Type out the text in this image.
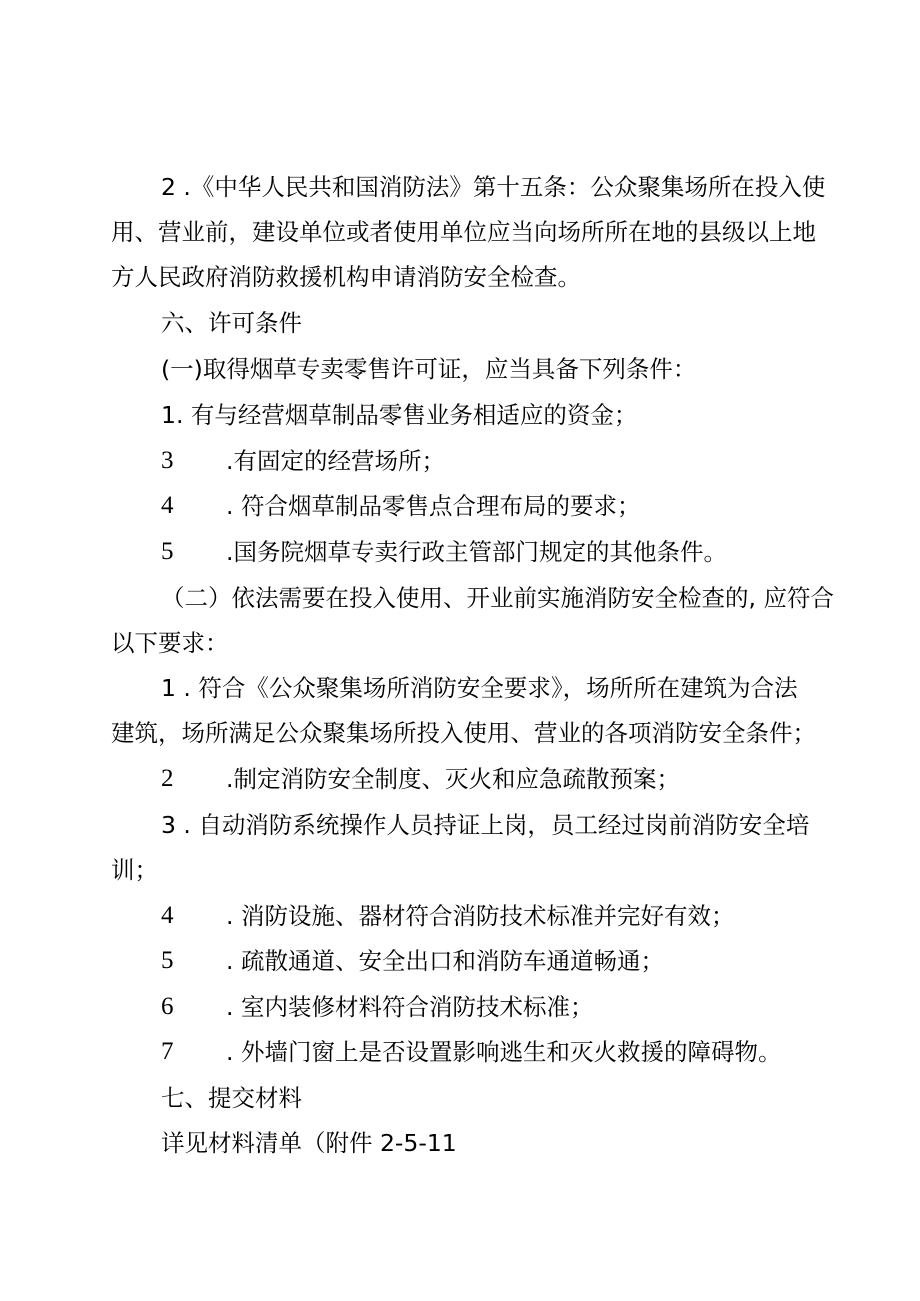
2 .《中华人民共和国消防法》第十五条：公众聚集场所在投入使

用、营业前，建设单位或者使用单位应当向场所所在地的县级以上地

方人民政府消防救援机构申请消防安全检查。

六、许可条件

(一)取得烟草专卖零售许可证，应当具备下列条件：

1. 有与经营烟草制品零售业务相适应的资金；

3 .有固定的经营场所；

4 . 符合烟草制品零售点合理布局的要求；

5 .国务院烟草专卖行政主管部门规定的其他条件。

（二）依法需要在投入使用、开业前实施消防安全检查的, 应符合

以下要求：

1 . 符合《公众聚集场所消防安全要求》，场所所在建筑为合法

建筑，场所满足公众聚集场所投入使用、营业的各项消防安全条件；

2 .制定消防安全制度、灭火和应急疏散预案；

3 . 自动消防系统操作人员持证上岗，员工经过岗前消防安全培

训；

4 . 消防设施、器材符合消防技术标准并完好有效；

5 . 疏散通道、安全出口和消防车通道畅通；

6 . 室内装修材料符合消防技术标准；

7 . 外墙门窗上是否设置影响逃生和灭火救援的障碍物。

七、提交材料

详见材料清单（附件 2-5-11
